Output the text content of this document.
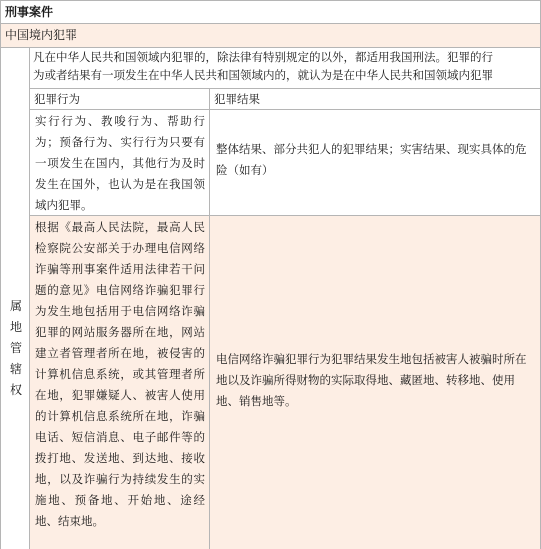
刑事案件
中国境内犯罪
属
地
管
辖
权
凡在中华人民共和国领域内犯罪的，除法律有特别规定的以外，都适用我国刑法。犯罪的行
为或者结果有一项发生在中华人民共和国领域内的，就认为是在中华人民共和国领域内犯罪
犯罪行为	犯罪结果
实行行为、教唆行为、帮助行为；预备行为、实行行为只要有一项发生在国内，其他行为及时发生在国外，也认为是在我国领域内犯罪。
整体结果、部分共犯人的犯罪结果；实害结果、现实具体的危险（如有）
根据《最高人民法院，最高人民检察院公安部关于办理电信网络诈骗等刑事案件适用法律若干问题的意见》电信网络诈骗犯罪行为发生地包括用于电信网络诈骗犯罪的网站服务器所在地，网站建立者管理者所在地，被侵害的计算机信息系统，或其管理者所在地，犯罪嫌疑人、被害人使用的计算机信息系统所在地，诈骗电话、短信消息、电子邮件等的拨打地、发送地、到达地、接收地，以及诈骗行为持续发生的实施地、预备地、开始地、途经地、结束地。
电信网络诈骗犯罪行为犯罪结果发生地包括被害人被骗时所在地以及诈骗所得财物的实际取得地、藏匿地、转移地、使用地、销售地等。
